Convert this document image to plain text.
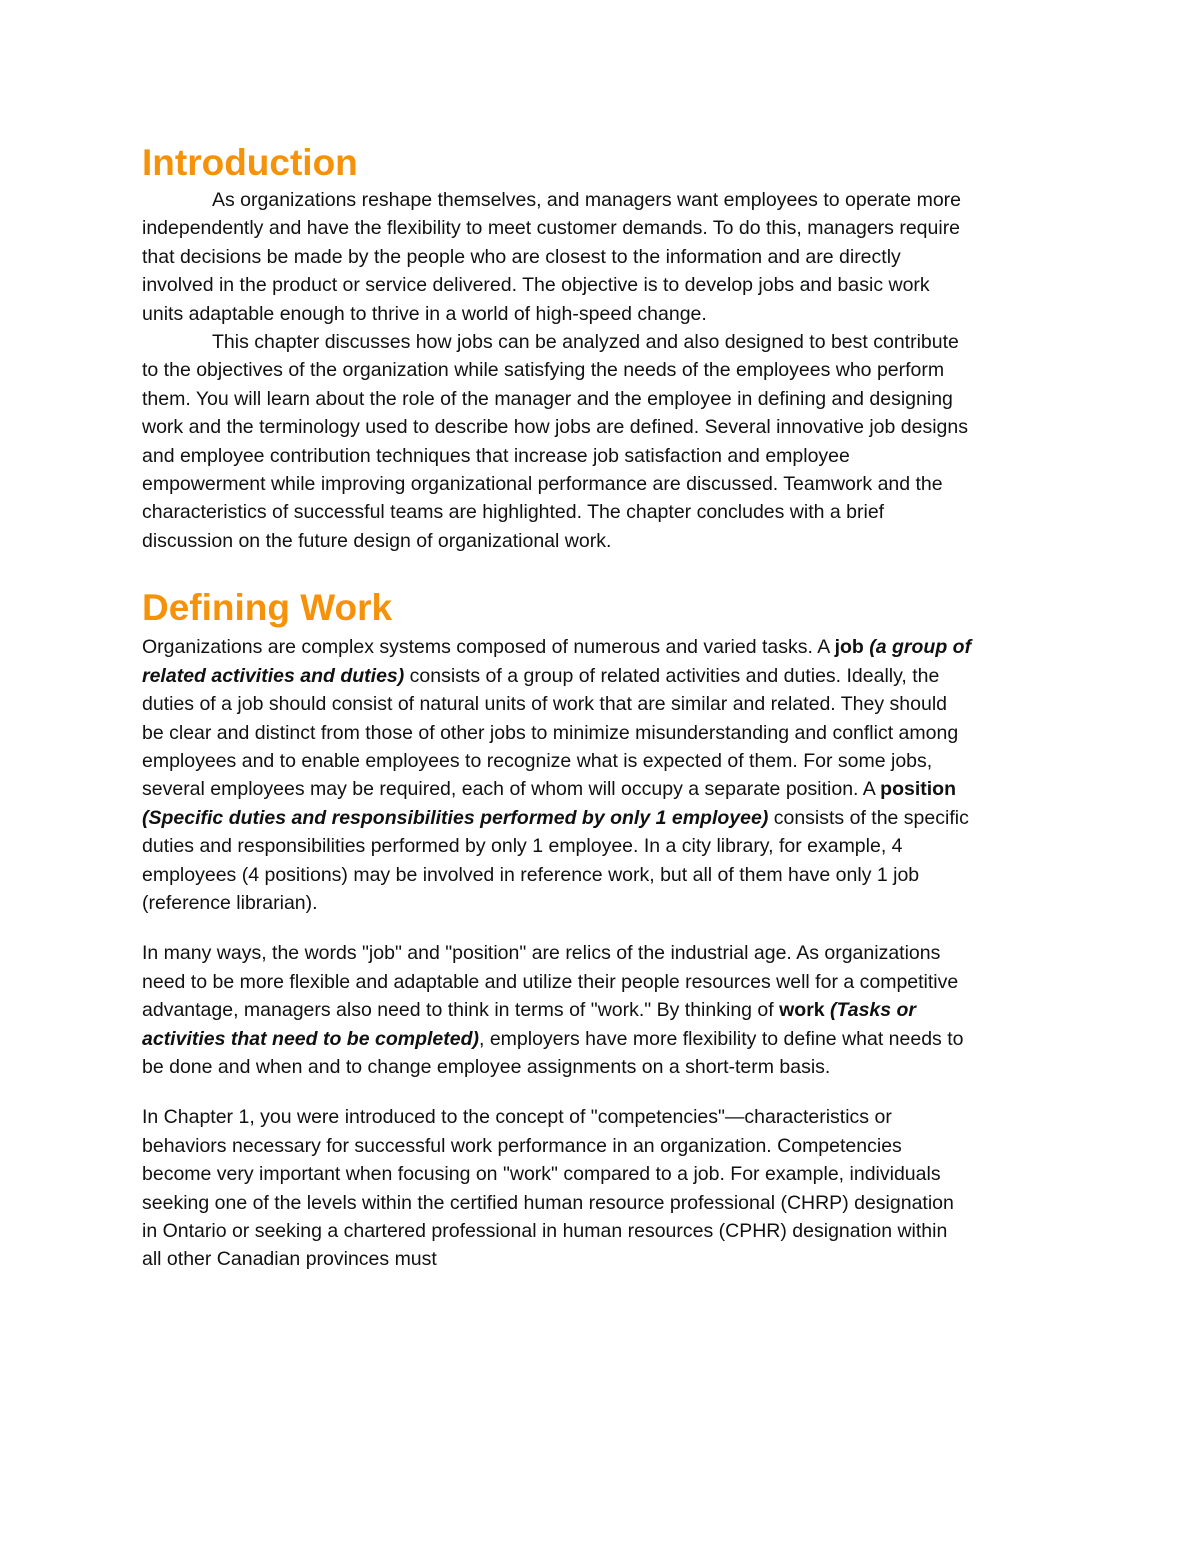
Introduction

As organizations reshape themselves, and managers want employees to operate more independently and have the flexibility to meet customer demands. To do this, managers require that decisions be made by the people who are closest to the information and are directly involved in the product or service delivered. The objective is to develop jobs and basic work units adaptable enough to thrive in a world of high-speed change.

This chapter discusses how jobs can be analyzed and also designed to best contribute to the objectives of the organization while satisfying the needs of the employees who perform them. You will learn about the role of the manager and the employee in defining and designing work and the terminology used to describe how jobs are defined. Several innovative job designs and employee contribution techniques that increase job satisfaction and employee empowerment while improving organizational performance are discussed. Teamwork and the characteristics of successful teams are highlighted. The chapter concludes with a brief discussion on the future design of organizational work.

Defining Work

Organizations are complex systems composed of numerous and varied tasks. A job (a group of related activities and duties) consists of a group of related activities and duties. Ideally, the duties of a job should consist of natural units of work that are similar and related. They should be clear and distinct from those of other jobs to minimize misunderstanding and conflict among employees and to enable employees to recognize what is expected of them. For some jobs, several employees may be required, each of whom will occupy a separate position. A position (Specific duties and responsibilities performed by only 1 employee) consists of the specific duties and responsibilities performed by only 1 employee. In a city library, for example, 4 employees (4 positions) may be involved in reference work, but all of them have only 1 job (reference librarian).

In many ways, the words "job" and "position" are relics of the industrial age. As organizations need to be more flexible and adaptable and utilize their people resources well for a competitive advantage, managers also need to think in terms of "work." By thinking of work (Tasks or activities that need to be completed), employers have more flexibility to define what needs to be done and when and to change employee assignments on a short-term basis.

In Chapter 1, you were introduced to the concept of "competencies"—characteristics or behaviors necessary for successful work performance in an organization. Competencies become very important when focusing on "work" compared to a job. For example, individuals seeking one of the levels within the certified human resource professional (CHRP) designation in Ontario or seeking a chartered professional in human resources (CPHR) designation within all other Canadian provinces must
